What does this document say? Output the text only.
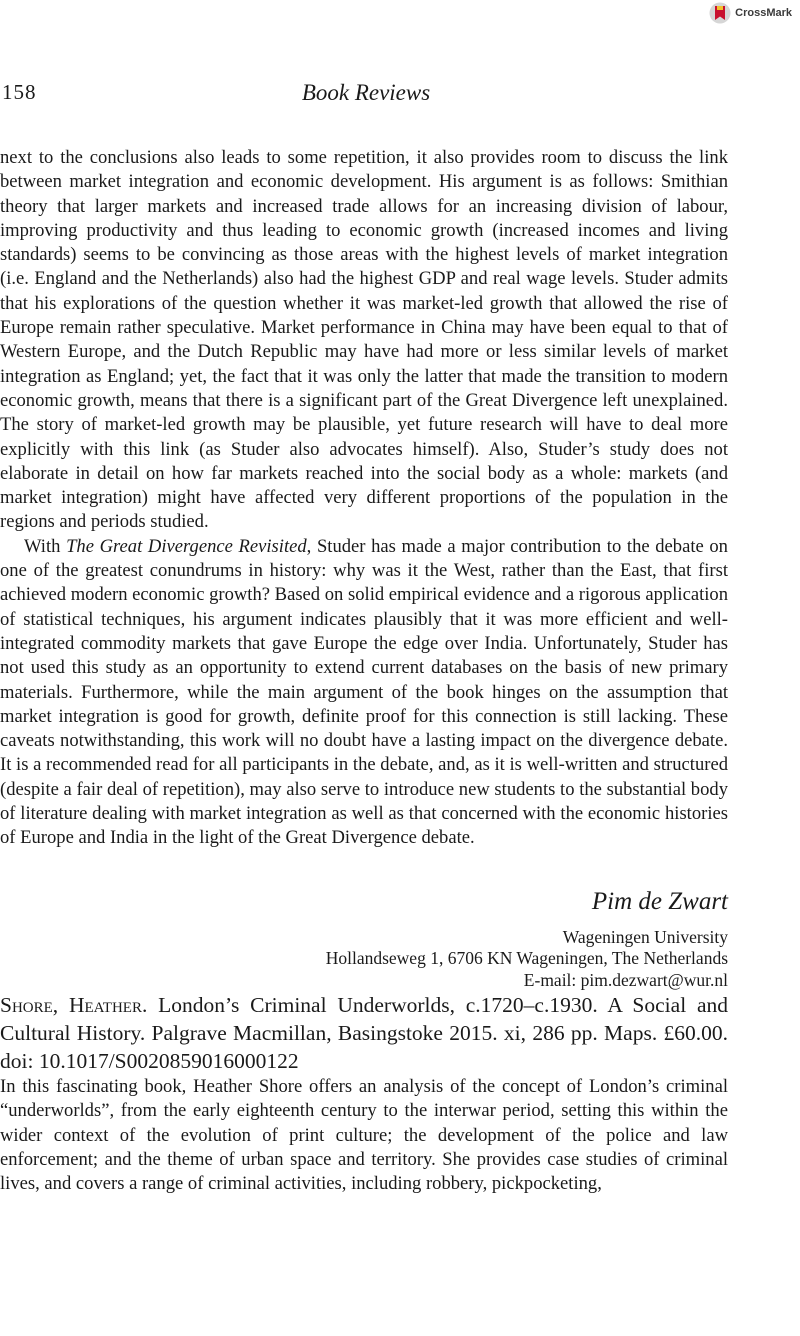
CrossMark
158	Book Reviews

next to the conclusions also leads to some repetition, it also provides room to discuss the link between market integration and economic development. His argument is as follows: Smithian theory that larger markets and increased trade allows for an increasing division of labour, improving productivity and thus leading to economic growth (increased incomes and living standards) seems to be convincing as those areas with the highest levels of market integration (i.e. England and the Netherlands) also had the highest GDP and real wage levels. Studer admits that his explorations of the question whether it was market-led growth that allowed the rise of Europe remain rather speculative. Market performance in China may have been equal to that of Western Europe, and the Dutch Republic may have had more or less similar levels of market integration as England; yet, the fact that it was only the latter that made the transition to modern economic growth, means that there is a significant part of the Great Divergence left unexplained. The story of market-led growth may be plausible, yet future research will have to deal more explicitly with this link (as Studer also advocates himself). Also, Studer’s study does not elaborate in detail on how far markets reached into the social body as a whole: markets (and market integration) might have affected very different proportions of the population in the regions and periods studied.

With The Great Divergence Revisited, Studer has made a major contribution to the debate on one of the greatest conundrums in history: why was it the West, rather than the East, that first achieved modern economic growth? Based on solid empirical evidence and a rigorous application of statistical techniques, his argument indicates plausibly that it was more efficient and well-integrated commodity markets that gave Europe the edge over India. Unfortunately, Studer has not used this study as an opportunity to extend current databases on the basis of new primary materials. Furthermore, while the main argument of the book hinges on the assumption that market integration is good for growth, definite proof for this connection is still lacking. These caveats notwithstanding, this work will no doubt have a lasting impact on the divergence debate. It is a recommended read for all participants in the debate, and, as it is well-written and structured (despite a fair deal of repetition), may also serve to introduce new students to the substantial body of literature dealing with market integration as well as that concerned with the economic histories of Europe and India in the light of the Great Divergence debate.

Pim de Zwart
Wageningen University
Hollandseweg 1, 6706 KN Wageningen, The Netherlands
E-mail: pim.dezwart@wur.nl

Shore, Heather. London’s Criminal Underworlds, c.1720–c.1930. A Social and Cultural History. Palgrave Macmillan, Basingstoke 2015. xi, 286 pp. Maps. £60.00. doi: 10.1017/S0020859016000122

In this fascinating book, Heather Shore offers an analysis of the concept of London’s criminal “underworlds”, from the early eighteenth century to the interwar period, setting this within the wider context of the evolution of print culture; the development of the police and law enforcement; and the theme of urban space and territory. She provides case studies of criminal lives, and covers a range of criminal activities, including robbery, pickpocketing,
